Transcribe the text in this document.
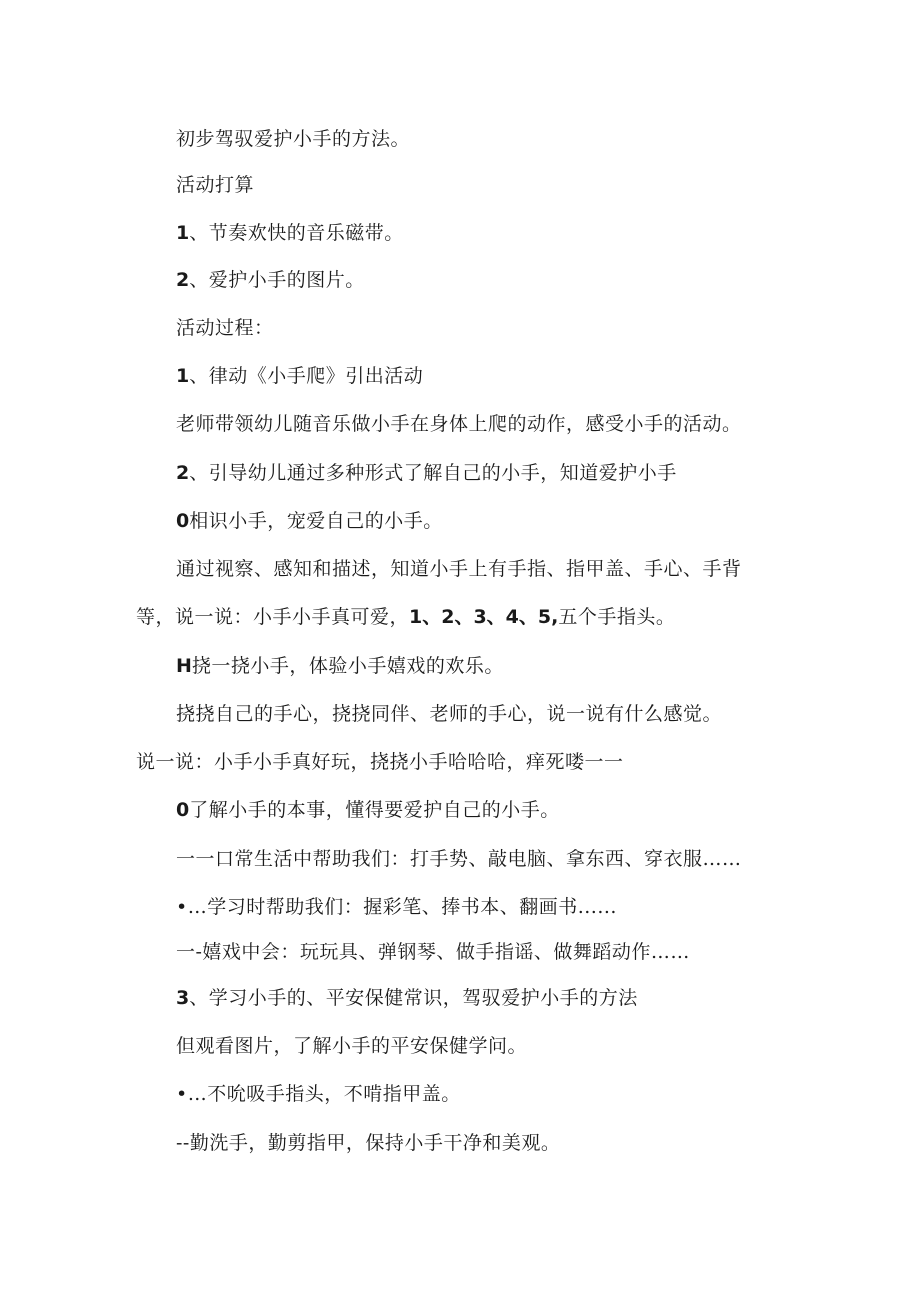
初步驾驭爱护小手的方法。
活动打算
1、节奏欢快的音乐磁带。
2、爱护小手的图片。
活动过程：
1、律动《小手爬》引出活动
老师带领幼儿随音乐做小手在身体上爬的动作，感受小手的活动。
2、引导幼儿通过多种形式了解自己的小手，知道爱护小手
0相识小手，宠爱自己的小手。
通过视察、感知和描述，知道小手上有手指、指甲盖、手心、手背
等，说一说：小手小手真可爱，1、2、3、4、5,五个手指头。
H挠一挠小手，体验小手嬉戏的欢乐。
挠挠自己的手心，挠挠同伴、老师的手心，说一说有什么感觉。
说一说：小手小手真好玩，挠挠小手哈哈哈，痒死喽一一
0了解小手的本事，懂得要爱护自己的小手。
一一口常生活中帮助我们：打手势、敲电脑、拿东西、穿衣服……
•…学习时帮助我们：握彩笔、捧书本、翻画书......
一-嬉戏中会：玩玩具、弹钢琴、做手指谣、做舞蹈动作……
3、学习小手的、平安保健常识，驾驭爱护小手的方法
但观看图片，了解小手的平安保健学问。
•…不吮吸手指头，不啃指甲盖。
--勤洗手，勤剪指甲，保持小手干净和美观。
